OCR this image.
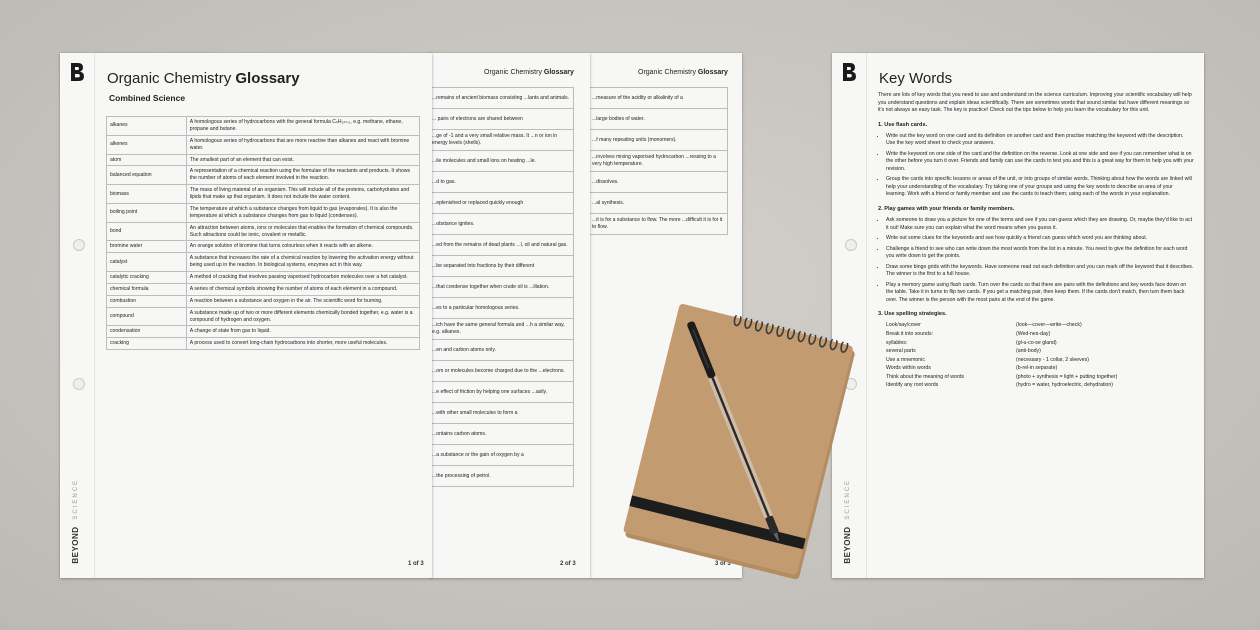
Organic Chemistry Glossary
...measure of the acidity or alkalinity of a
...large bodies of water.
...f many repeating units (monomers).
...involves mixing vaporised hydrocarbon ...ressing to a very high temperature.
...dissolves.
...al synthesis.
...it is for a substance to flow. The more ...difficult it is for it to flow.
3 of 3
Organic Chemistry Glossary
...remains of ancient biomass consisting ...lants and animals.
... pairs of electrons are shared between
...ge of -1 and a very small relative mass. It ...n or ion in energy levels (shells).
...ile molecules and small ions on heating ...le.
...d to gas.
...eplenished or replaced quickly enough
...obstance ignites.
...ed from the remains of dead plants ...l, oil and natural gas.
...be separated into fractions by their different
...that condense together when crude oil is ...illation.
...es to a particular homologous series.
...ich have the same general formula and ...h a similar way, e.g. alkanes.
...en and carbon atoms only.
...om or molecules become charged due to the ...electrons.
...e effect of friction by helping one surfaces ...asily.
...with other small molecules to form a
...ontains carbon atoms.
...a substance or the gain of oxygen by a
...the processing of petrol.
2 of 3
BEYOND SCIENCE
Organic Chemistry Glossary
Combined Science
alkanes	A homologous series of hydrocarbons with the general formula CₙH₂ₙ₊₂, e.g. methane, ethane, propane and butane.
alkenes	A homologous series of hydrocarbons that are more reactive than alkanes and react with bromine water.
atom	The smallest part of an element that can exist.
balanced equation	A representation of a chemical reaction using the formulae of the reactants and products. It shows the number of atoms of each element involved in the reaction.
biomass	The mass of living material of an organism. This will include all of the proteins, carbohydrates and lipids that make up that organism. It does not include the water content.
boiling point	The temperature at which a substance changes from liquid to gas (evaporates). It is also the temperature at which a substance changes from gas to liquid (condenses).
bond	An attraction between atoms, ions or molecules that enables the formation of chemical compounds. Such attractions could be ionic, covalent or metallic.
bromine water	An orange solution of bromine that turns colourless when it reacts with an alkene.
catalyst	A substance that increases the rate of a chemical reaction by lowering the activation energy without being used up in the reaction. In biological systems, enzymes act in this way.
catalytic cracking	A method of cracking that involves passing vaporised hydrocarbon molecules over a hot catalyst.
chemical formula	A series of chemical symbols showing the number of atoms of each element in a compound.
combustion	A reaction between a substance and oxygen in the air. The scientific word for burning.
compound	A substance made up of two or more different elements chemically bonded together, e.g. water is a compound of hydrogen and oxygen.
condensation	A change of state from gas to liquid.
cracking	A process used to convert long-chain hydrocarbons into shorter, more useful molecules.
1 of 3	BEYOND SCIENCE
Key Words

There are lots of key words that you need to use and understand on the science curriculum. Improving your scientific vocabulary will help you understand questions and explain ideas scientifically. There are sometimes words that sound similar but have different meanings so it's not always an easy task. The key is practice! Check out the tips below to help you learn the vocabulary for this unit.

1. Use flash cards.
• Write out the key word on one card and its definition on another card and then practise matching the keyword with the description. Use the key word sheet to check your answers.
• Write the keyword on one side of the card and the definition on the reverse. Look at one side and see if you can remember what is on the other before you turn it over. Friends and family can use the cards to test you and this is a great way for them to help you with your revision.
• Group the cards into specific lessons or areas of the unit, or into groups of similar words. Thinking about how the words are linked will help your understanding of the vocabulary. Try taking one of your groups and using the key words to describe an area of your learning. Work with a friend or family member and use the cards to teach them; using each of the words in your explanation.
2. Play games with your friends or family members.
• Ask someone to draw you a picture for one of the terms and see if you can guess which they are drawing. Or, maybe they'd like to act it out! Make sure you can explain what the word means when you guess it.
• Write out some clues for the keywords and see how quickly a friend can guess which word you are thinking about.
• Challenge a friend to see who can write down the most words from the list in a minute. You need to give the definition for each word you write down to get the points.
• Draw some bingo grids with the keywords. Have someone read out each definition and you can mark off the keyword that it describes. The winner is the first to a full house.
• Play a memory game using flash cards. Turn over the cards so that there are pairs with the definitions and key words face down on the table. Take it in turns to flip two cards. If you get a matching pair, then keep them. If the cards don't match, then turn them back over. The winner is the person with the most pairs at the end of the game.
3. Use spelling strategies.
Look/say/cover	(look—cover—write—check)
Break it into sounds:	(Wed-nes-day)
syllables:	(gl-u-co-se gland)
several parts	(anti-body)
Use a mnemonic	(necessary - 1 collar, 2 sleeves)
Words within words	(b-rel-in separate)
Think about the meaning of words	(photo + synthesis = light + putting together)
Identify any root words	(hydro = water, hydroelectric, dehydration)
